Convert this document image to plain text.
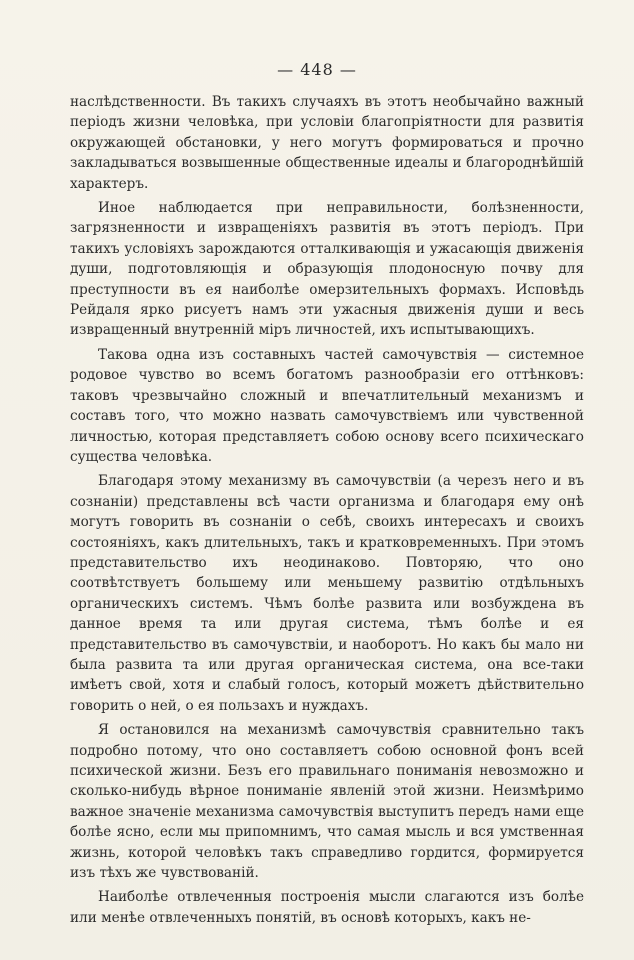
— 448 —

наслѣдственности. Въ такихъ случаяхъ въ этотъ необычайно важный періодъ жизни человѣка, при условіи благопріятности для развитія окружающей обстановки, у него могутъ формироваться и прочно закладываться возвышенные общественные идеалы и благороднѣйшій характеръ.

Иное наблюдается при неправильности, болѣзненности, загрязненности и извращеніяхъ развитія въ этотъ періодъ. При такихъ условіяхъ зарождаются отталкивающія и ужасающія движенія души, подготовляющія и образующія плодоносную почву для преступности въ ея наиболѣе омерзительныхъ формахъ. Исповѣдь Рейдаля ярко рисуетъ намъ эти ужасныя движенія души и весь извращенный внутренній міръ личностей, ихъ испытывающихъ.

Такова одна изъ составныхъ частей самочувствія — системное родовое чувство во всемъ богатомъ разнообразіи его оттѣнковъ: таковъ чрезвычайно сложный и впечатлительный механизмъ и составъ того, что можно назвать самочувствіемъ или чувственной личностью, которая представляетъ собою основу всего психическаго существа человѣка.

Благодаря этому механизму въ самочувствіи (а черезъ него и въ сознаніи) представлены всѣ части организма и благодаря ему онѣ могутъ говорить въ сознаніи о себѣ, своихъ интересахъ и своихъ состояніяхъ, какъ длительныхъ, такъ и кратковременныхъ. При этомъ представительство ихъ неодинаково. Повторяю, что оно соотвѣтствуетъ большему или меньшему развитію отдѣльныхъ органическихъ системъ. Чѣмъ болѣе развита или возбуждена въ данное время та или другая система, тѣмъ болѣе и ея представительство въ самочувствіи, и наоборотъ. Но какъ бы мало ни была развита та или другая органическая система, она все-таки имѣетъ свой, хотя и слабый голосъ, который можетъ дѣйствительно говорить о ней, о ея пользахъ и нуждахъ.

Я остановился на механизмѣ самочувствія сравнительно такъ подробно потому, что оно составляетъ собою основной фонъ всей психической жизни. Безъ его правильнаго пониманія невозможно и сколько-нибудь вѣрное пониманіе явленій этой жизни. Неизмѣримо важное значеніе механизма самочувствія выступитъ передъ нами еще болѣе ясно, если мы припомнимъ, что самая мысль и вся умственная жизнь, которой человѣкъ такъ справедливо гордится, формируется изъ тѣхъ же чувствованій.

Наиболѣе отвлеченныя построенія мысли слагаются изъ болѣе или менѣе отвлеченныхъ понятій, въ основѣ которыхъ, какъ не-
